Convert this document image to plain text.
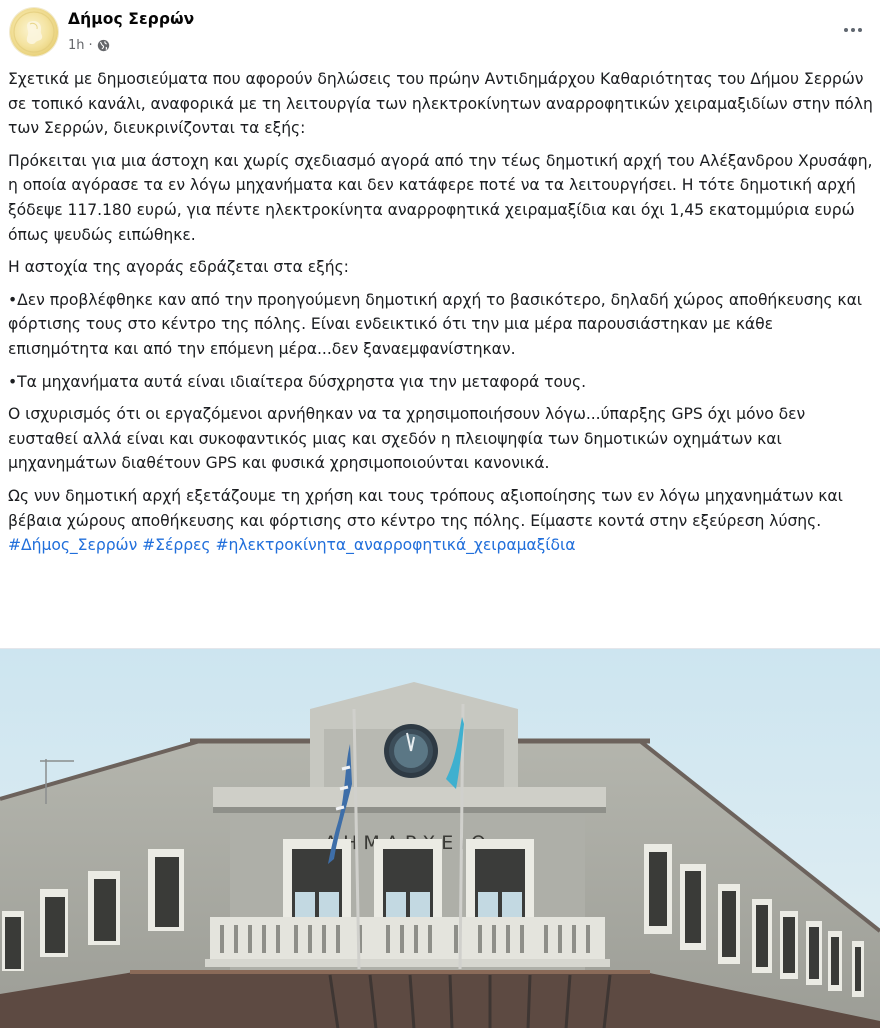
Δήμος Σερρών
1h ·

Σχετικά με δημοσιεύματα που αφορούν δηλώσεις του πρώην Αντιδημάρχου Καθαριότητας του Δήμου Σερρών σε τοπικό κανάλι, αναφορικά με τη λειτουργία των ηλεκτροκίνητων αναρροφητικών χειραμαξιδίων στην πόλη των Σερρών, διευκρινίζονται τα εξής:

Πρόκειται για μια άστοχη και χωρίς σχεδιασμό αγορά από την τέως δημοτική αρχή του Αλέξανδρου Χρυσάφη, η οποία αγόρασε τα εν λόγω μηχανήματα και δεν κατάφερε ποτέ να τα λειτουργήσει. Η τότε δημοτική αρχή ξόδεψε 117.180 ευρώ, για πέντε ηλεκτροκίνητα αναρροφητικά χειραμαξίδια και όχι 1,45 εκατομμύρια ευρώ όπως ψευδώς ειπώθηκε.

Η αστοχία της αγοράς εδράζεται στα εξής:

•Δεν προβλέφθηκε καν από την προηγούμενη δημοτική αρχή το βασικότερο, δηλαδή χώρος αποθήκευσης και φόρτισης τους στο κέντρο της πόλης. Είναι ενδεικτικό ότι την μια μέρα παρουσιάστηκαν με κάθε επισημότητα και από την επόμενη μέρα...δεν ξαναεμφανίστηκαν.

•Τα μηχανήματα αυτά είναι ιδιαίτερα δύσχρηστα για την μεταφορά τους.

Ο ισχυρισμός ότι οι εργαζόμενοι αρνήθηκαν να τα χρησιμοποιήσουν λόγω...ύπαρξης GPS όχι μόνο δεν ευσταθεί αλλά είναι και συκοφαντικός μιας και σχεδόν η πλειοψηφία των δημοτικών οχημάτων και μηχανημάτων διαθέτουν GPS και φυσικά χρησιμοποιούνται κανονικά.

Ως νυν δημοτική αρχή εξετάζουμε τη χρήση και τους τρόπους αξιοποίησης των εν λόγω μηχανημάτων και βέβαια χώρους αποθήκευσης και φόρτισης στο κέντρο της πόλης. Είμαστε κοντά στην εξεύρεση λύσης.

#Δήμος_Σερρών #Σέρρες #ηλεκτροκίνητα_αναρροφητικά_χειραμαξίδια
